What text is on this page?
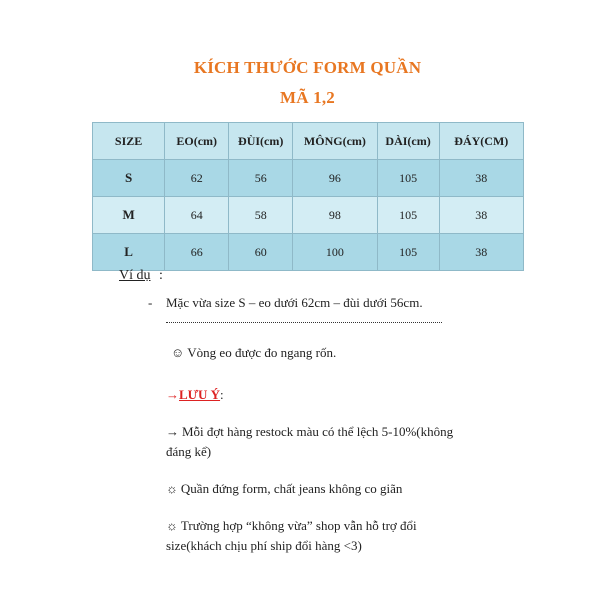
KÍCH THƯỚC FORM QUẦN
MÃ 1,2
SIZE	EO(cm)	ĐÙI(cm)	MÔNG(cm)	DÀI(cm)	ĐÁY(CM)
S	62	56	96	105	38
M	64	58	98	105	38
L	66	60	100	105	38
Ví dụ :
- Mặc vừa size S – eo dưới 62cm – đùi dưới 56cm.
☺ Vòng eo được đo ngang rốn.
→LƯU Ý:
→ Mỗi đợt hàng restock màu có thể lệch 5-10%(không
đáng kể)
☼ Quần đứng form, chất jeans không co giãn
☼ Trường hợp “không vừa” shop vẫn hỗ trợ đổi
size(khách chịu phí ship đổi hàng <3)
